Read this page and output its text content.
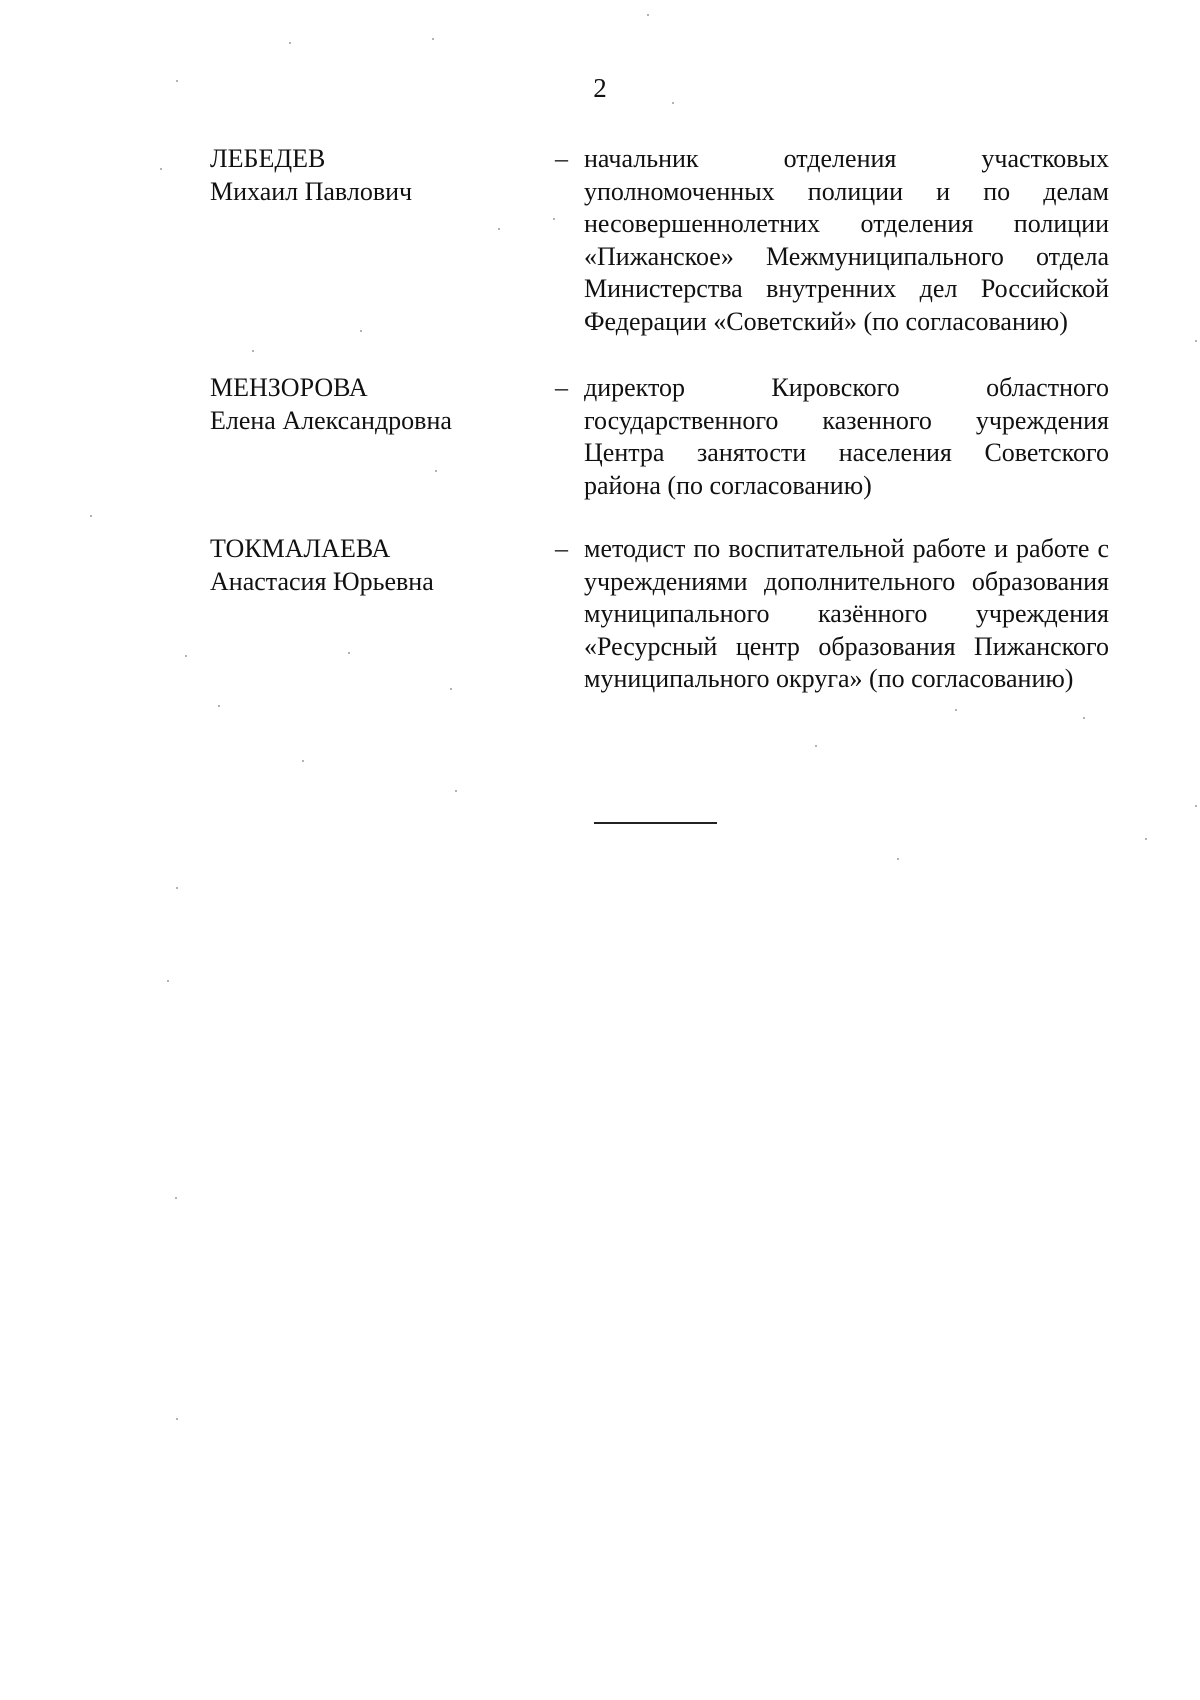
2
ЛЕБЕДЕВ
Михаил Павлович
– начальник отделения участковых уполномоченных полиции и по делам несовершеннолетних отделения полиции «Пижанское» Межмуниципального отдела Министерства внутренних дел Российской Федерации «Советский» (по согласованию)
МЕНЗОРОВА
Елена Александровна
– директор Кировского областного государственного казенного учреждения Центра занятости населения Советского района (по согласованию)
ТОКМАЛАЕВА
Анастасия Юрьевна
– методист по воспитательной работе и работе с учреждениями дополнительного образования муниципального казённого учреждения «Ресурсный центр образования Пижанского муниципального округа» (по согласованию)
